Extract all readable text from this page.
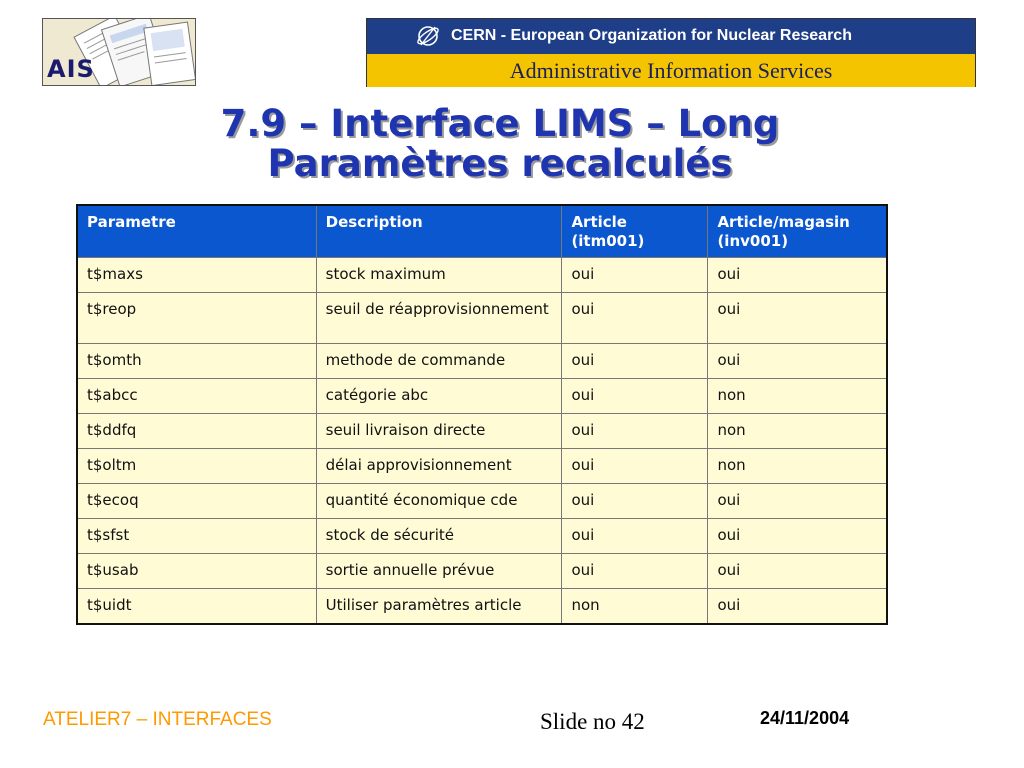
AIS
CERN - European Organization for Nuclear Research
Administrative Information Services
7.9 – Interface LIMS – Long
Paramètres recalculés
Parametre	Description	Article (itm001)	Article/magasin (inv001)
t$maxs	stock maximum	oui	oui
t$reop	seuil de réapprovisionnement	oui	oui
t$omth	methode de commande	oui	oui
t$abcc	catégorie abc	oui	non
t$ddfq	seuil livraison directe	oui	non
t$oltm	délai approvisionnement	oui	non
t$ecoq	quantité économique cde	oui	oui
t$sfst	stock de sécurité	oui	oui
t$usab	sortie annuelle prévue	oui	oui
t$uidt	Utiliser paramètres article	non	oui
ATELIER7 – INTERFACES	Slide no 42	24/11/2004
